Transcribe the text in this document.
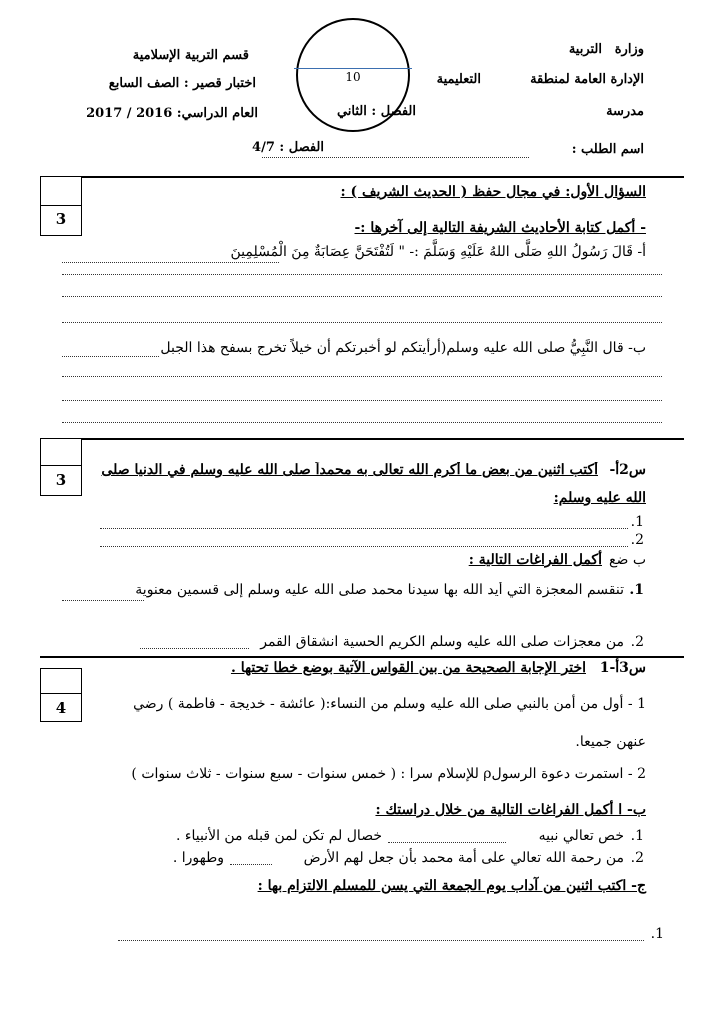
وزارة
التربية
قسم التربية الإسلامية
الإدارة العامة لمنطقة
التعليمية
اختبار قصير : الصف السابع
مدرسة
الفصل : الثاني
العام الدراسي: 2016 / 2017
اسم الطلب :
الفصل : 4/7
10
3
السؤال الأول: في مجال حفظ ( الحديث الشريف ) :
- أكمل كتابة الأحاديث الشريفة التالية إلى آخرها :-
أ- قَالَ رَسُولُ اللهِ صَلَّى اللهُ عَلَيْهِ وَسَلَّمَ :- " لَتُفْتَحَنَّ عِصَابَةٌ مِنَ الْمُسْلِمِينَ
ب- قال النَّبِيُّ صلى الله عليه وسلم(أرأيتكم لو أخبرتكم أن خيلاً تخرج بسفح هذا الجبل
3
س2أ-
أكتب اثنين من بعض ما أكرم الله تعالى به محمداً صلى الله عليه وسلم في الدنيا صلى
الله عليه وسلم:
1.
2.
ب ضع
أكمل الفراغات التالية :
1.
تنقسم المعجزة التي أيد الله بها سيدنا محمد صلى الله عليه وسلم إلى قسمين معنوية
2.
من معجزات صلى الله عليه وسلم الكريم الحسية انشقاق القمر
س3أ-1
اختر الإجابة الصحيحة من بين القواس الآتية بوضع خطا تحتها .
4	1 - أول من أمن بالنبي صلى الله عليه وسلم من النساء:( عائشة - خديجة - فاطمة ) رضي
عنهن جميعا.
2 - استمرت دعوة الرسولρ للإسلام سرا : ( خمس سنوات - سبع سنوات - ثلاث سنوات )
ب- ا أكمل الفراغات التالية من خلال دراستك :
1.
خص تعالي نبيه
خصال لم تكن لمن قبله من الأنبياء .
2.
من رحمة الله تعالي على أمة محمد بأن جعل لهم الأرض
وطهورا .
ج- اكتب اثنين من آداب يوم الجمعة التي يسن للمسلم الالتزام بها :
1.
